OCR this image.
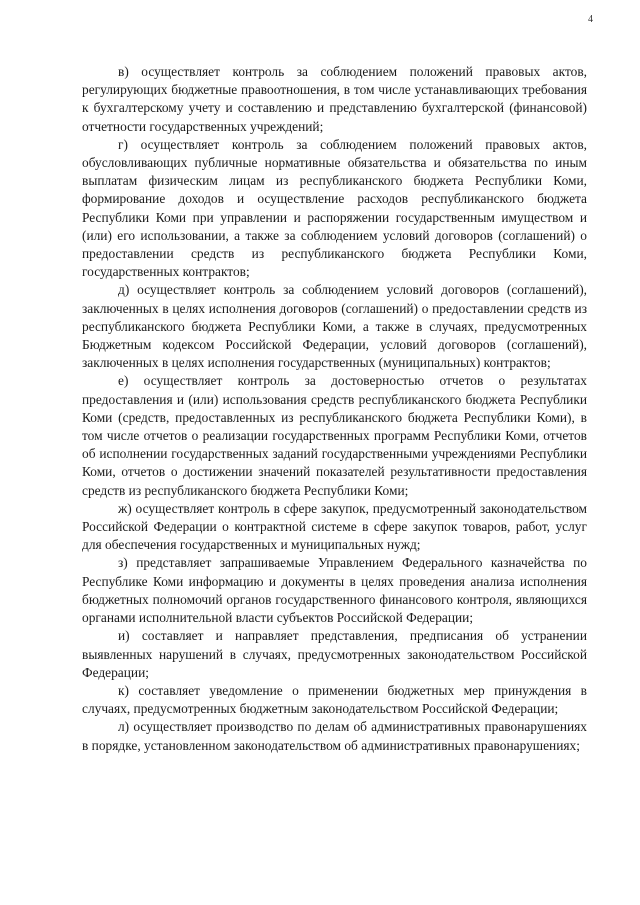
4

в) осуществляет контроль за соблюдением положений правовых актов, регулирующих бюджетные правоотношения, в том числе устанавливающих требования к бухгалтерскому учету и составлению и представлению бухгалтерской (финансовой) отчетности государственных учреждений;

г) осуществляет контроль за соблюдением положений правовых актов, обусловливающих публичные нормативные обязательства и обязательства по иным выплатам физическим лицам из республиканского бюджета Республики Коми, формирование доходов и осуществление расходов республиканского бюджета Республики Коми при управлении и распоряжении государственным имуществом и (или) его использовании, а также за соблюдением условий договоров (соглашений) о предоставлении средств из республиканского бюджета Республики Коми, государственных контрактов;

д) осуществляет контроль за соблюдением условий договоров (соглашений), заключенных в целях исполнения договоров (соглашений) о предоставлении средств из республиканского бюджета Республики Коми, а также в случаях, предусмотренных Бюджетным кодексом Российской Федерации, условий договоров (соглашений), заключенных в целях исполнения государственных (муниципальных) контрактов;

е) осуществляет контроль за достоверностью отчетов о результатах предоставления и (или) использования средств республиканского бюджета Республики Коми (средств, предоставленных из республиканского бюджета Республики Коми), в том числе отчетов о реализации государственных программ Республики Коми, отчетов об исполнении государственных заданий государственными учреждениями Республики Коми, отчетов о достижении значений показателей результативности предоставления средств из республиканского бюджета Республики Коми;

ж) осуществляет контроль в сфере закупок, предусмотренный законодательством Российской Федерации о контрактной системе в сфере закупок товаров, работ, услуг для обеспечения государственных и муниципальных нужд;

з) представляет запрашиваемые Управлением Федерального казначейства по Республике Коми информацию и документы в целях проведения анализа исполнения бюджетных полномочий органов государственного финансового контроля, являющихся органами исполнительной власти субъектов Российской Федерации;

и) составляет и направляет представления, предписания об устранении выявленных нарушений в случаях, предусмотренных законодательством Российской Федерации;

к) составляет уведомление о применении бюджетных мер принуждения в случаях, предусмотренных бюджетным законодательством Российской Федерации;

л) осуществляет производство по делам об административных правонарушениях в порядке, установленном законодательством об административных правонарушениях;
